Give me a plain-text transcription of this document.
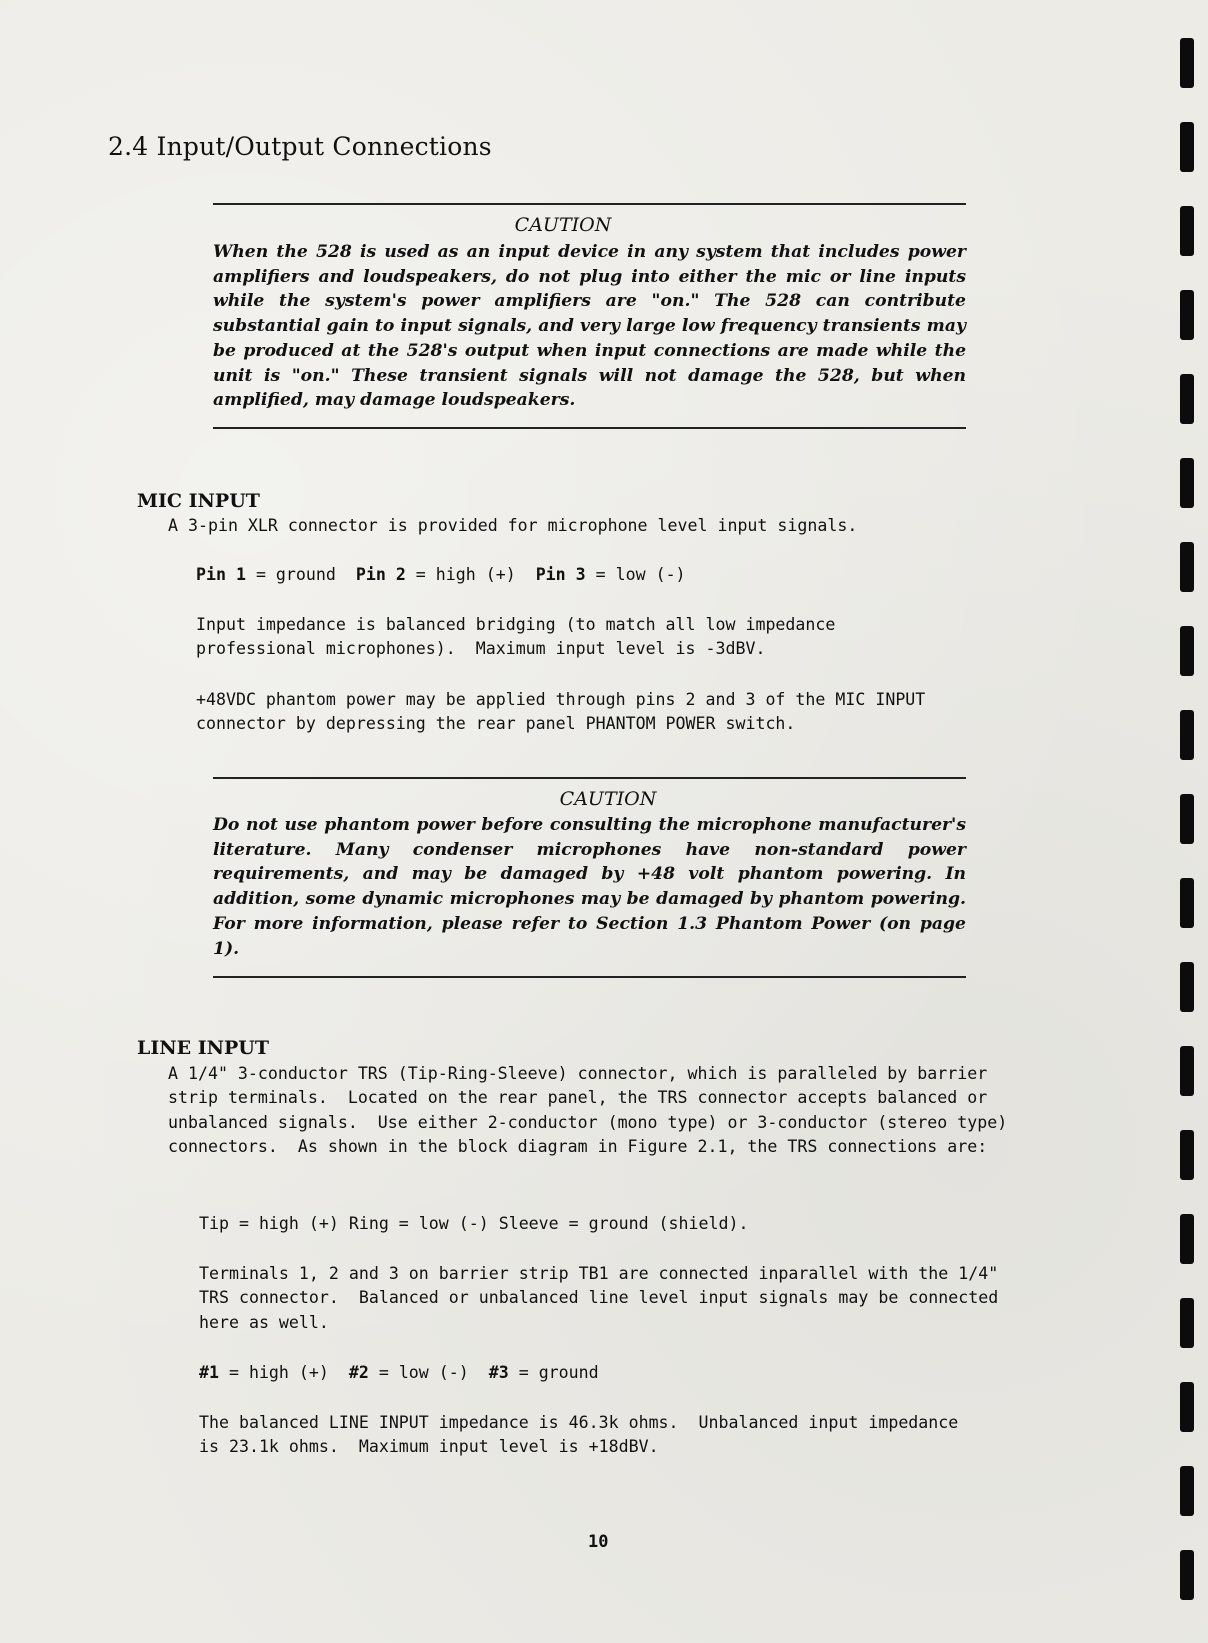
2.4 Input/Output Connections
CAUTION
When the 528 is used as an input device in any system that includes power amplifiers and loudspeakers, do not plug into either the mic or line inputs while the system's power amplifiers are "on." The 528 can contribute substantial gain to input signals, and very large low frequency transients may be produced at the 528's output when input connections are made while the unit is "on." These transient signals will not damage the 528, but when amplified, may damage loudspeakers.
MIC INPUT
A 3-pin XLR connector is provided for microphone level input signals.
Pin 1 = ground  Pin 2 = high (+)  Pin 3 = low (-)
Input impedance is balanced bridging (to match all low impedance professional microphones).  Maximum input level is -3dBV.
+48VDC phantom power may be applied through pins 2 and 3 of the MIC INPUT connector by depressing the rear panel PHANTOM POWER switch.
CAUTION
Do not use phantom power before consulting the microphone manufacturer's literature. Many condenser microphones have non-standard power requirements, and may be damaged by +48 volt phantom powering. In addition, some dynamic microphones may be damaged by phantom powering. For more information, please refer to Section 1.3 Phantom Power (on page 1).
LINE INPUT
A 1/4" 3-conductor TRS (Tip-Ring-Sleeve) connector, which is paralleled by barrier strip terminals.  Located on the rear panel, the TRS connector accepts balanced or unbalanced signals.  Use either 2-conductor (mono type) or 3-conductor (stereo type) connectors.  As shown in the block diagram in Figure 2.1, the TRS connections are:
Tip = high (+) Ring = low (-) Sleeve = ground (shield).
Terminals 1, 2 and 3 on barrier strip TB1 are connected inparallel with the 1/4" TRS connector.  Balanced or unbalanced line level input signals may be connected here as well.
#1 = high (+)  #2 = low (-)  #3 = ground
The balanced LINE INPUT impedance is 46.3k ohms.  Unbalanced input impedance is 23.1k ohms.  Maximum input level is +18dBV.
10
